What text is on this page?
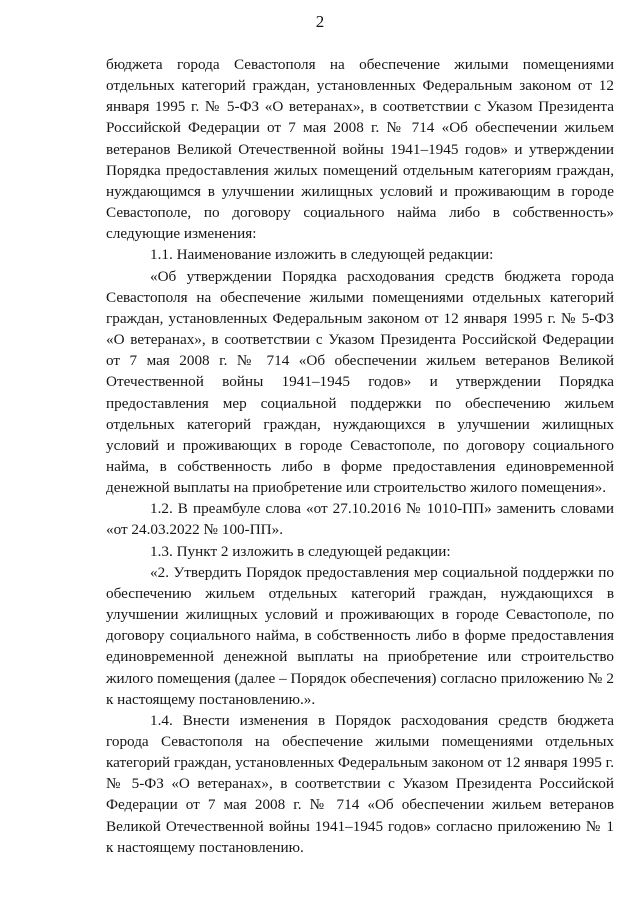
2

бюджета города Севастополя на обеспечение жилыми помещениями отдельных категорий граждан, установленных Федеральным законом от 12 января 1995 г. № 5-ФЗ «О ветеранах», в соответствии с Указом Президента Российской Федерации от 7 мая 2008 г. № 714 «Об обеспечении жильем ветеранов Великой Отечественной войны 1941–1945 годов» и утверждении Порядка предоставления жилых помещений отдельным категориям граждан, нуждающимся в улучшении жилищных условий и проживающим в городе Севастополе, по договору социального найма либо в собственность» следующие изменения:

1.1. Наименование изложить в следующей редакции:

«Об утверждении Порядка расходования средств бюджета города Севастополя на обеспечение жилыми помещениями отдельных категорий граждан, установленных Федеральным законом от 12 января 1995 г. № 5-ФЗ «О ветеранах», в соответствии с Указом Президента Российской Федерации от 7 мая 2008 г. № 714 «Об обеспечении жильем ветеранов Великой Отечественной войны 1941–1945 годов» и утверждении Порядка предоставления мер социальной поддержки по обеспечению жильем отдельных категорий граждан, нуждающихся в улучшении жилищных условий и проживающих в городе Севастополе, по договору социального найма, в собственность либо в форме предоставления единовременной денежной выплаты на приобретение или строительство жилого помещения».

1.2. В преамбуле слова «от 27.10.2016 № 1010-ПП» заменить словами «от 24.03.2022 № 100-ПП».

1.3. Пункт 2 изложить в следующей редакции:

«2. Утвердить Порядок предоставления мер социальной поддержки по обеспечению жильем отдельных категорий граждан, нуждающихся в улучшении жилищных условий и проживающих в городе Севастополе, по договору социального найма, в собственность либо в форме предоставления единовременной денежной выплаты на приобретение или строительство жилого помещения (далее – Порядок обеспечения) согласно приложению № 2 к настоящему постановлению.».

1.4. Внести изменения в Порядок расходования средств бюджета города Севастополя на обеспечение жилыми помещениями отдельных категорий граждан, установленных Федеральным законом от 12 января 1995 г. № 5-ФЗ «О ветеранах», в соответствии с Указом Президента Российской Федерации от 7 мая 2008 г. № 714 «Об обеспечении жильем ветеранов Великой Отечественной войны 1941–1945 годов» согласно приложению № 1 к настоящему постановлению.
